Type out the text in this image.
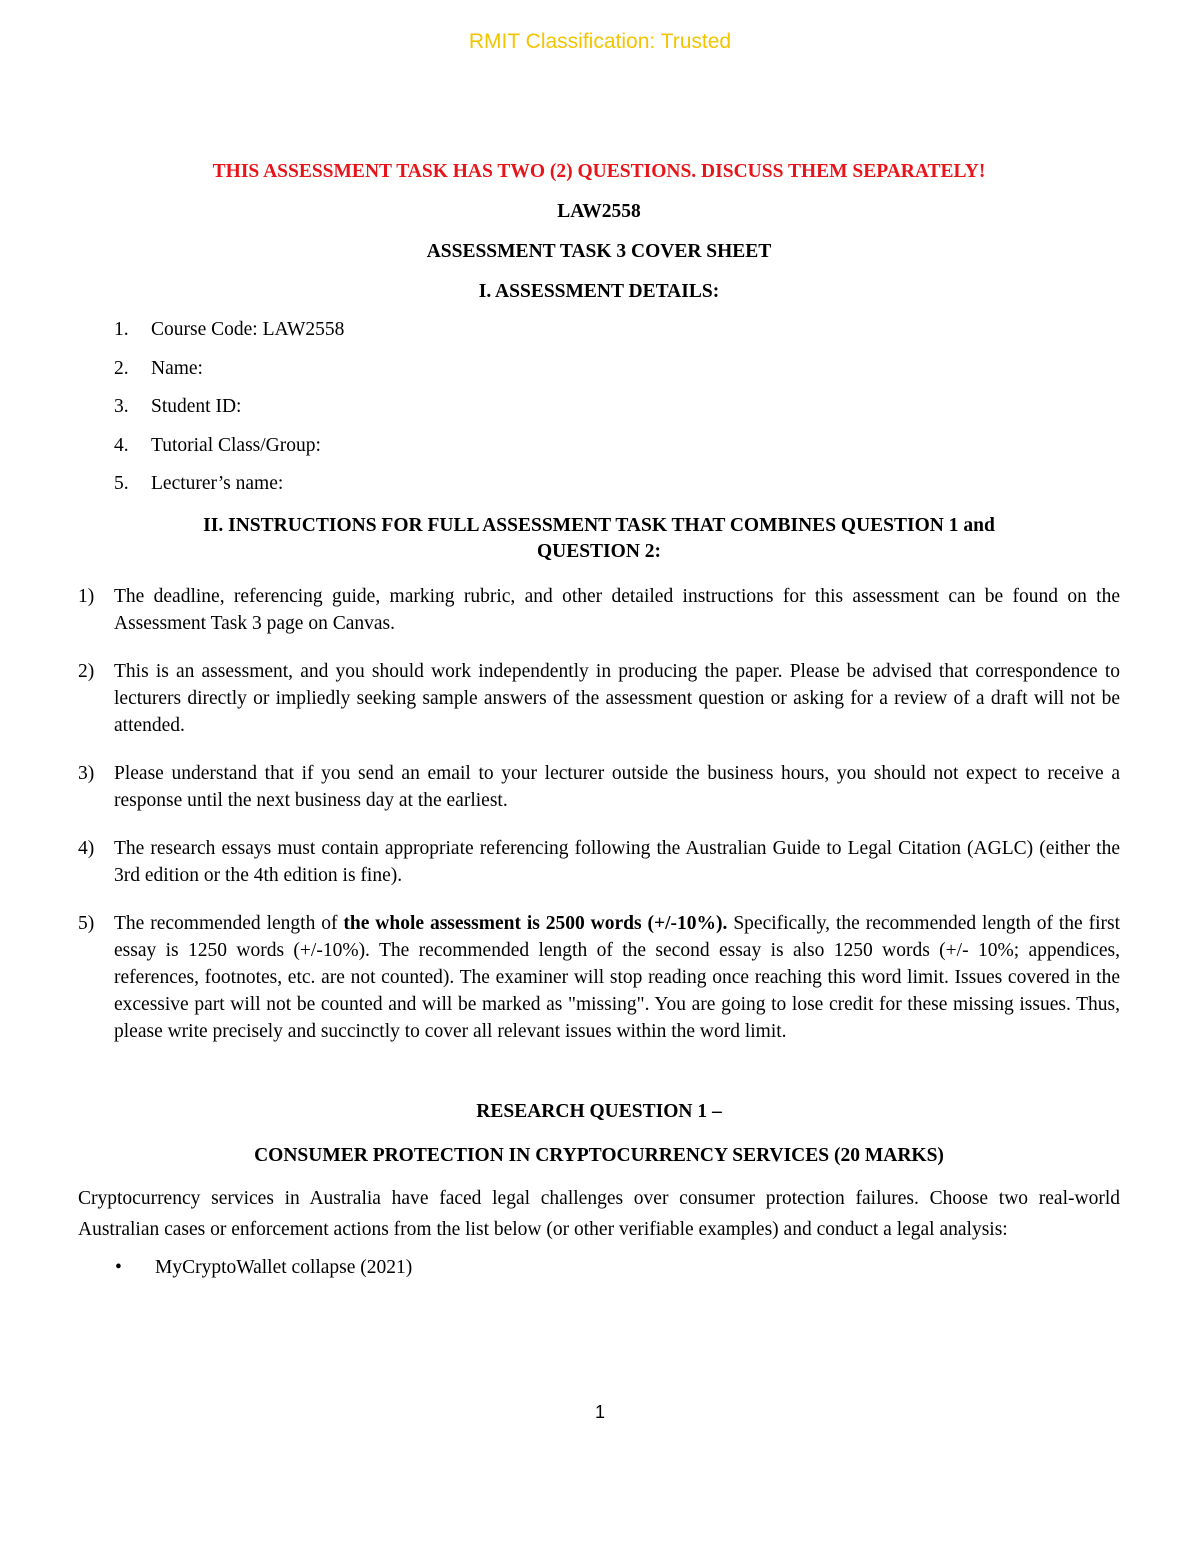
RMIT Classification: Trusted

THIS ASSESSMENT TASK HAS TWO (2) QUESTIONS. DISCUSS THEM SEPARATELY!

LAW2558

ASSESSMENT TASK 3 COVER SHEET

I. ASSESSMENT DETAILS:

1.	Course Code: LAW2558
2.	Name:
3.	Student ID:
4.	Tutorial Class/Group:
5.	Lecturer’s name:
II. INSTRUCTIONS FOR FULL ASSESSMENT TASK THAT COMBINES QUESTION 1 and
QUESTION 2:
1)	The deadline, referencing guide, marking rubric, and other detailed instructions for this assessment can be found on the Assessment Task 3 page on Canvas.
2)	This is an assessment, and you should work independently in producing the paper. Please be advised that correspondence to lecturers directly or impliedly seeking sample answers of the assessment question or asking for a review of a draft will not be attended.
3)	Please understand that if you send an email to your lecturer outside the business hours, you should not expect to receive a response until the next business day at the earliest.
4)	The research essays must contain appropriate referencing following the Australian Guide to Legal Citation (AGLC) (either the 3rd edition or the 4th edition is fine).
5)	The recommended length of the whole assessment is 2500 words (+/-10%). Specifically, the recommended length of the first essay is 1250 words (+/-10%). The recommended length of the second essay is also 1250 words (+/- 10%; appendices, references, footnotes, etc. are not counted). The examiner will stop reading once reaching this word limit. Issues covered in the excessive part will not be counted and will be marked as "missing". You are going to lose credit for these missing issues. Thus, please write precisely and succinctly to cover all relevant issues within the word limit.

RESEARCH QUESTION 1 –

CONSUMER PROTECTION IN CRYPTOCURRENCY SERVICES (20 MARKS)

Cryptocurrency services in Australia have faced legal challenges over consumer protection failures. Choose two real-world Australian cases or enforcement actions from the list below (or other verifiable examples) and conduct a legal analysis:

•	MyCryptoWallet collapse (2021)
1
